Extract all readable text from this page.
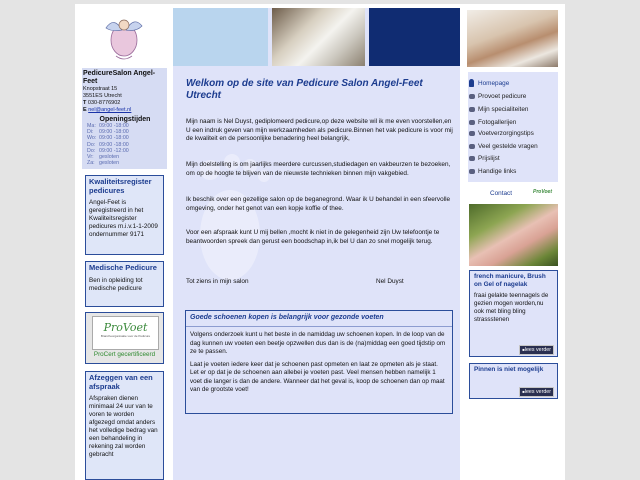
PedicureSalon Angel-Feet
Knopstraat 15
3551ES Utrecht
T 030-8776902
E nel@angel-feet.nl
Openingstijden
Ma: 09:00 -18:00
Di:	09:00 -18:00
Wo: 09:00 -18:00
Do: 09:00 -18:00
Do: 09:00 -12:00
Vr:	gesloten
Za: gesloten
Kwaliteitsregister pedicures
Angel-Feet is geregistreerd in het Kwaliteitsregister pedicures m.i.v.1-1-2009 ondernummer 9171
Medische Pedicure
Ben in opleiding tot medische pedicure
ProVoet
Brancheorganisatie voor de Pedicure
ProCert gecertificeerd
Afzeggen van een afspraak
Afspraken dienen minimaal 24 uur van te voren te worden afgezegd omdat anders het volledige bedrag van een behandeling in rekening zal worden gebracht
Welkom op de site van Pedicure Salon Angel-Feet Utrecht
Mijn naam is Nel Duyst, gediplomeerd pedicure,op deze website wil ik me even voorstellen,en U een indruk geven van mijn werkzaamheden als pedicure.Binnen het vak pedicure is voor mij de kwaliteit en de persoonlijke benadering heel belangrijk,
Mijn doelstelling is om jaarlijks meerdere curcussen,studiedagen en vakbeurzen te bezoeken, om op de hoogte te blijven van de nieuwste technieken binnen mijn vakgebied.
Ik beschik over een gezellige salon op de beganegrond. Waar ik U behandel in een sfeervolle omgeving, onder het genot van een kopje koffie of thee.
Voor een afspraak kunt U mij bellen ,mocht ik niet in de gelegenheid zijn Uw telefoontje te beantwoorden spreek dan gerust een boodschap in,ik bel U dan zo snel mogelijk terug.
Tot ziens in mijn salon	Nel Duyst
Goede schoenen kopen is belangrijk voor gezonde voeten
Volgens onderzoek kunt u het beste in de namiddag uw schoenen kopen. In de loop van de dag kunnen uw voeten een beetje opzwellen dus dan is de (na)middag een goed tijdstip om ze te passen.
Laat je voeten iedere keer dat je schoenen past opmeten en laat ze opmeten als je staat. Let er op dat je de schoenen aan allebei je voeten past. Veel mensen hebben namelijk 1 voet die langer is dan de andere. Wanneer dat het geval is, koop de schoenen dan op maat van de grootste voet!
Homepage
Provoet pedicure
Mijn specialiteiten
Fotogallerijen
Voetverzorgingstips
Veel gestelde vragen
Prijslijst
Handige links
Contact	ProVoet
french manicure, Brush on Gel of nagelak
fraai gelakte teennagels de gezien mogen worden,nu ook met bling bling strassstenen
■ lees verder
Pinnen is niet mogelijk
■ lees verder
